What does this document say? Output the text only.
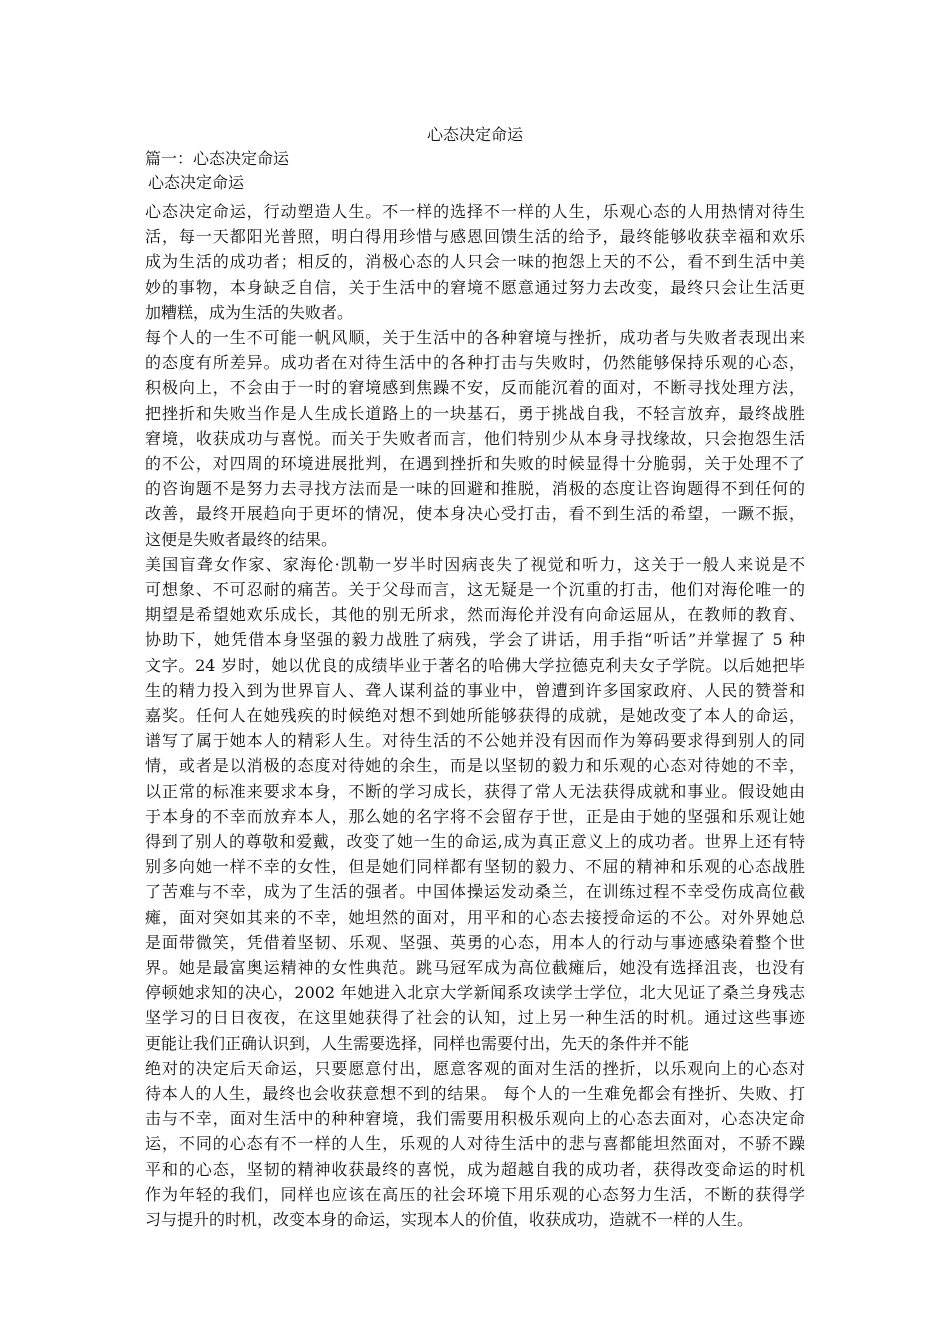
心态决定命运
篇一：心态决定命运
心态决定命运
心态决定命运，行动塑造人生。不一样的选择不一样的人生，乐观心态的人用热情对待生
活，每一天都阳光普照，明白得用珍惜与感恩回馈生活的给予，最终能够收获幸福和欢乐
成为生活的成功者；相反的，消极心态的人只会一味的抱怨上天的不公，看不到生活中美
妙的事物，本身缺乏自信，关于生活中的窘境不愿意通过努力去改变，最终只会让生活更
加糟糕，成为生活的失败者。
每个人的一生不可能一帆风顺，关于生活中的各种窘境与挫折，成功者与失败者表现出来
的态度有所差异。成功者在对待生活中的各种打击与失败时，仍然能够保持乐观的心态，
积极向上，不会由于一时的窘境感到焦躁不安，反而能沉着的面对，不断寻找处理方法，
把挫折和失败当作是人生成长道路上的一块基石，勇于挑战自我，不轻言放弃，最终战胜
窘境，收获成功与喜悦。而关于失败者而言，他们特别少从本身寻找缘故，只会抱怨生活
的不公，对四周的环境进展批判，在遇到挫折和失败的时候显得十分脆弱，关于处理不了
的咨询题不是努力去寻找方法而是一味的回避和推脱，消极的态度让咨询题得不到任何的
改善，最终开展趋向于更坏的情况，使本身决心受打击，看不到生活的希望，一蹶不振，
这便是失败者最终的结果。
美国盲聋女作家、家海伦·凯勒一岁半时因病丧失了视觉和听力，这关于一般人来说是不
可想象、不可忍耐的痛苦。关于父母而言，这无疑是一个沉重的打击，他们对海伦唯一的
期望是希望她欢乐成长，其他的别无所求，然而海伦并没有向命运屈从，在教师的教育、
协助下，她凭借本身坚强的毅力战胜了病残，学会了讲话，用手指“听话”并掌握了 5 种
文字。24 岁时，她以优良的成绩毕业于著名的哈佛大学拉德克利夫女子学院。以后她把毕
生的精力投入到为世界盲人、聋人谋利益的事业中，曾遭到许多国家政府、人民的赞誉和
嘉奖。任何人在她残疾的时候绝对想不到她所能够获得的成就，是她改变了本人的命运，
谱写了属于她本人的精彩人生。对待生活的不公她并没有因而作为筹码要求得到别人的同
情，或者是以消极的态度对待她的余生，而是以坚韧的毅力和乐观的心态对待她的不幸，
以正常的标准来要求本身，不断的学习成长，获得了常人无法获得成就和事业。假设她由
于本身的不幸而放弃本人，那么她的名字将不会留存于世，正是由于她的坚强和乐观让她
得到了别人的尊敬和爱戴，改变了她一生的命运,成为真正意义上的成功者。世界上还有特
别多向她一样不幸的女性，但是她们同样都有坚韧的毅力、不屈的精神和乐观的心态战胜
了苦难与不幸，成为了生活的强者。中国体操运发动桑兰，在训练过程不幸受伤成高位截
瘫，面对突如其来的不幸，她坦然的面对，用平和的心态去接授命运的不公。对外界她总
是面带微笑，凭借着坚韧、乐观、坚强、英勇的心态，用本人的行动与事迹感染着整个世
界。她是最富奥运精神的女性典范。跳马冠军成为高位截瘫后，她没有选择沮丧，也没有
停顿她求知的决心，2002 年她进入北京大学新闻系攻读学士学位，北大见证了桑兰身残志
坚学习的日日夜夜，在这里她获得了社会的认知，过上另一种生活的时机。通过这些事迹
更能让我们正确认识到，人生需要选择，同样也需要付出，先天的条件并不能
绝对的决定后天命运，只要愿意付出，愿意客观的面对生活的挫折，以乐观向上的心态对
待本人的人生，最终也会收获意想不到的结果。 每个人的一生难免都会有挫折、失败、打
击与不幸，面对生活中的种种窘境，我们需要用积极乐观向上的心态去面对，心态决定命
运，不同的心态有不一样的人生，乐观的人对待生活中的悲与喜都能坦然面对，不骄不躁
平和的心态，坚韧的精神收获最终的喜悦，成为超越自我的成功者，获得改变命运的时机
作为年轻的我们，同样也应该在高压的社会环境下用乐观的心态努力生活，不断的获得学
习与提升的时机，改变本身的命运，实现本人的价值，收获成功，造就不一样的人生。
